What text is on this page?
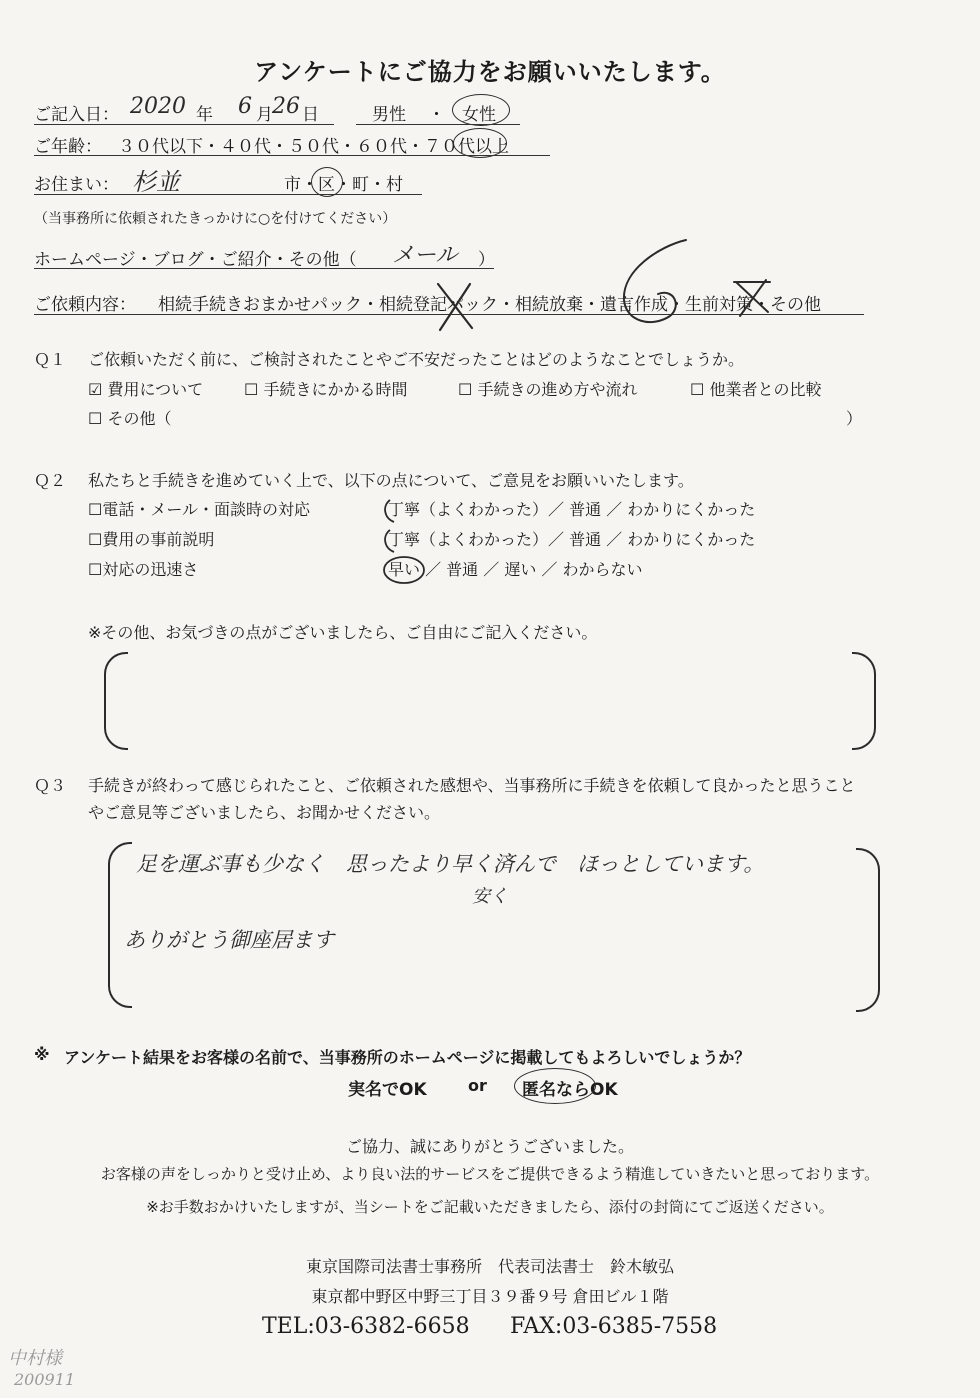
アンケートにご協力をお願いいたします。
ご記入日： 2020 年 6 月 26 日	男性 ・ 女性
ご年齢： ３０代以下・４０代・５０代・６０代・７０代以上
お住まい： 杉並	市・区・町・村
（当事務所に依頼されたきっかけに○を付けてください）
ホームページ・ブログ・ご紹介・その他（ メール ）
ご依頼内容： 相続手続きおまかせパック・相続登記パック・相続放棄・遺言作成・生前対策・その他
Ｑ１ ご依頼いただく前に、ご検討されたことやご不安だったことはどのようなことでしょうか。
☑ 費用について	☐ 手続きにかかる時間	☐ 手続きの進め方や流れ	☐ 他業者との比較
☐ その他（	）
Ｑ２ 私たちと手続きを進めていく上で、以下の点について、ご意見をお願いいたします。
☐電話・メール・面談時の対応	丁寧（よくわかった）／ 普通 ／ わかりにくかった
☐費用の事前説明	丁寧（よくわかった）／ 普通 ／ わかりにくかった
☐対応の迅速さ	早い ／ 普通 ／ 遅い ／ わからない
※その他、お気づきの点がございましたら、ご自由にご記入ください。
Ｑ３ 手続きが終わって感じられたこと、ご依頼された感想や、当事務所に手続きを依頼して良かったと思うこと
やご意見等ございましたら、お聞かせください。
足を運ぶ事も少なく　思ったより早く済んで　ほっとしています。
安く
ありがとう御座居ます
※ アンケート結果をお客様の名前で、当事務所のホームページに掲載してもよろしいでしょうか？
実名でOK	or 匿名ならOK
ご協力、誠にありがとうございました。
お客様の声をしっかりと受け止め、より良い法的サービスをご提供できるよう精進していきたいと思っております。
※お手数おかけいたしますが、当シートをご記載いただきましたら、添付の封筒にてご返送ください。
東京国際司法書士事務所　代表司法書士　鈴木敏弘
東京都中野区中野三丁目３９番９号 倉田ビル１階
TEL:03-6382-6658 FAX:03-6385-7558
中村様
200911
